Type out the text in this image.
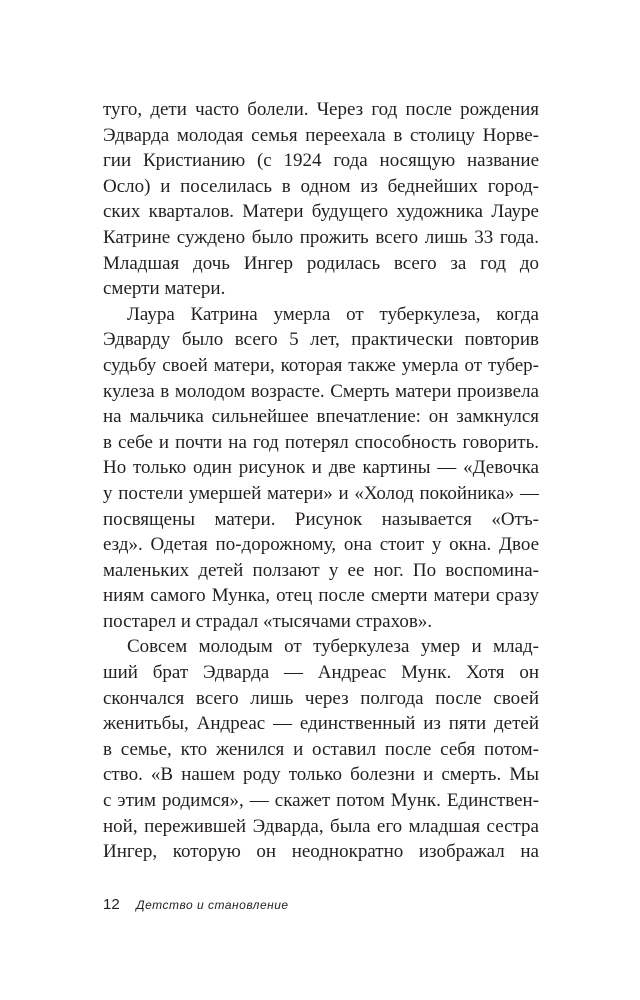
туго, дети часто болели. Через год после рождения
Эдварда молодая семья переехала в столицу Норве-
гии Кристианию (с 1924 года носящую название
Осло) и поселилась в одном из беднейших город-
ских кварталов. Матери будущего художника Лауре
Катрине суждено было прожить всего лишь 33 года.
Младшая дочь Ингер родилась всего за год до
смерти матери.
Лаура Катрина умерла от туберкулеза, когда
Эдварду было всего 5 лет, практически повторив
судьбу своей матери, которая также умерла от тубер-
кулеза в молодом возрасте. Смерть матери произвела
на мальчика сильнейшее впечатление: он замкнулся
в себе и почти на год потерял способность говорить.
Но только один рисунок и две картины — «Девочка
у постели умершей матери» и «Холод покойника» —
посвящены матери. Рисунок называется «Отъ-
езд». Одетая по-дорожному, она стоит у окна. Двое
маленьких детей ползают у ее ног. По воспомина-
ниям самого Мунка, отец после смерти матери сразу
постарел и страдал «тысячами страхов».
Совсем молодым от туберкулеза умер и млад-
ший брат Эдварда — Андреас Мунк. Хотя он
скончался всего лишь через полгода после своей
женитьбы, Андреас — единственный из пяти детей
в семье, кто женился и оставил после себя потом-
ство. «В нашем роду только болезни и смерть. Мы
с этим родимся», — скажет потом Мунк. Единствен-
ной, пережившей Эдварда, была его младшая сестра
Ингер, которую он неоднократно изображал на
12 Детство и становление
